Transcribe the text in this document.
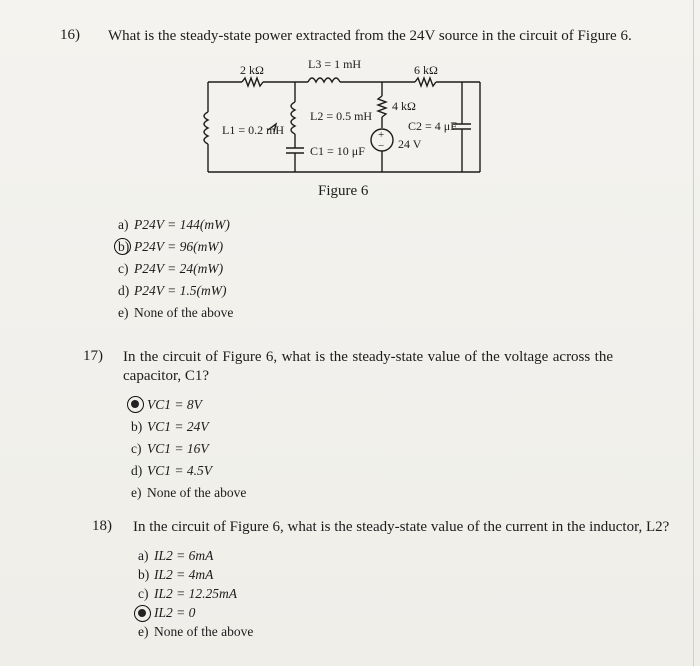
16) What is the steady-state power extracted from the 24V source in the circuit of Figure 6.
2 kΩ	L3 = 1 mH	6 kΩ
L1 = 0.2 mH
L2 = 0.5 mH
4 kΩ
C1 = 10 μF
C2 = 4 μF
24 V
+
−
Figure 6
a) P24V = 144(mW)
b) P24V = 96(mW)
c) P24V = 24(mW)
d) P24V = 1.5(mW)
e) None of the above
17) In the circuit of Figure 6, what is the steady-state value of the voltage across the capacitor, C1?
VC1 = 8V
b) VC1 = 24V
c) VC1 = 16V
d) VC1 = 4.5V
e) None of the above
18) In the circuit of Figure 6, what is the steady-state value of the current in the inductor, L2?
a) IL2 = 6mA
b) IL2 = 4mA
c) IL2 = 12.25mA
IL2 = 0
e) None of the above
